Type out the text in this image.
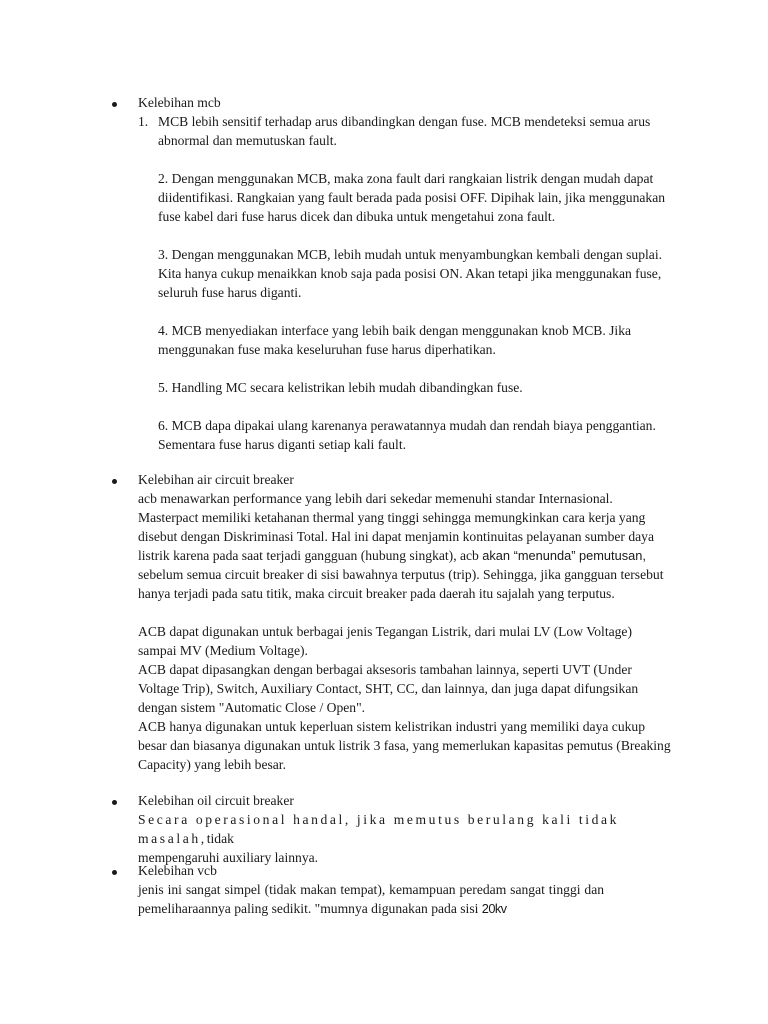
Kelebihan mcb

1. MCB lebih sensitif terhadap arus dibandingkan dengan fuse. MCB mendeteksi semua arus

abnormal dan memutuskan fault.

2. Dengan menggunakan MCB, maka zona fault dari rangkaian listrik dengan mudah dapat

diidentifikasi. Rangkaian yang fault berada pada posisi OFF. Dipihak lain, jika menggunakan

fuse kabel dari fuse harus dicek dan dibuka untuk mengetahui zona fault.

3. Dengan menggunakan MCB, lebih mudah untuk menyambungkan kembali dengan suplai.

Kita hanya cukup menaikkan knob saja pada posisi ON. Akan tetapi jika menggunakan fuse,

seluruh fuse harus diganti.

4. MCB menyediakan interface yang lebih baik dengan menggunakan knob MCB. Jika

menggunakan fuse maka keseluruhan fuse harus diperhatikan.

5. Handling MC secara kelistrikan lebih mudah dibandingkan fuse.

6. MCB dapa dipakai ulang karenanya perawatannya mudah dan rendah biaya penggantian.

Sementara fuse harus diganti setiap kali fault.

Kelebihan air circuit breaker

acb menawarkan performance yang lebih dari sekedar memenuhi standar Internasional.

Masterpact memiliki ketahanan thermal yang tinggi sehingga memungkinkan cara kerja yang

disebut dengan Diskriminasi Total. Hal ini dapat menjamin kontinuitas pelayanan sumber daya

listrik karena pada saat terjadi gangguan (hubung singkat), acb akan “menunda” pemutusan,

sebelum semua circuit breaker di sisi bawahnya terputus (trip). Sehingga, jika gangguan tersebut

hanya terjadi pada satu titik, maka circuit breaker pada daerah itu sajalah yang terputus.

ACB dapat digunakan untuk berbagai jenis Tegangan Listrik, dari mulai LV (Low Voltage)

sampai MV (Medium Voltage).

ACB dapat dipasangkan dengan berbagai aksesoris tambahan lainnya, seperti UVT (Under

Voltage Trip), Switch, Auxiliary Contact, SHT, CC, dan lainnya, dan juga dapat difungsikan

dengan sistem "Automatic Close / Open".

ACB hanya digunakan untuk keperluan sistem kelistrikan industri yang memiliki daya cukup

besar dan biasanya digunakan untuk listrik 3 fasa, yang memerlukan kapasitas pemutus (Breaking

Capacity) yang lebih besar.

Kelebihan oil circuit breaker

Secara operasional handal, jika memutus berulang kali tidak masalah,tidak

mempengaruhi auxiliary lainnya.

Kelebihan vcb

jenis ini sangat simpel (tidak makan tempat), kemampuan peredam sangat tinggi dan

pemeliharaannya paling sedikit. "mumnya digunakan pada sisi 20kv
